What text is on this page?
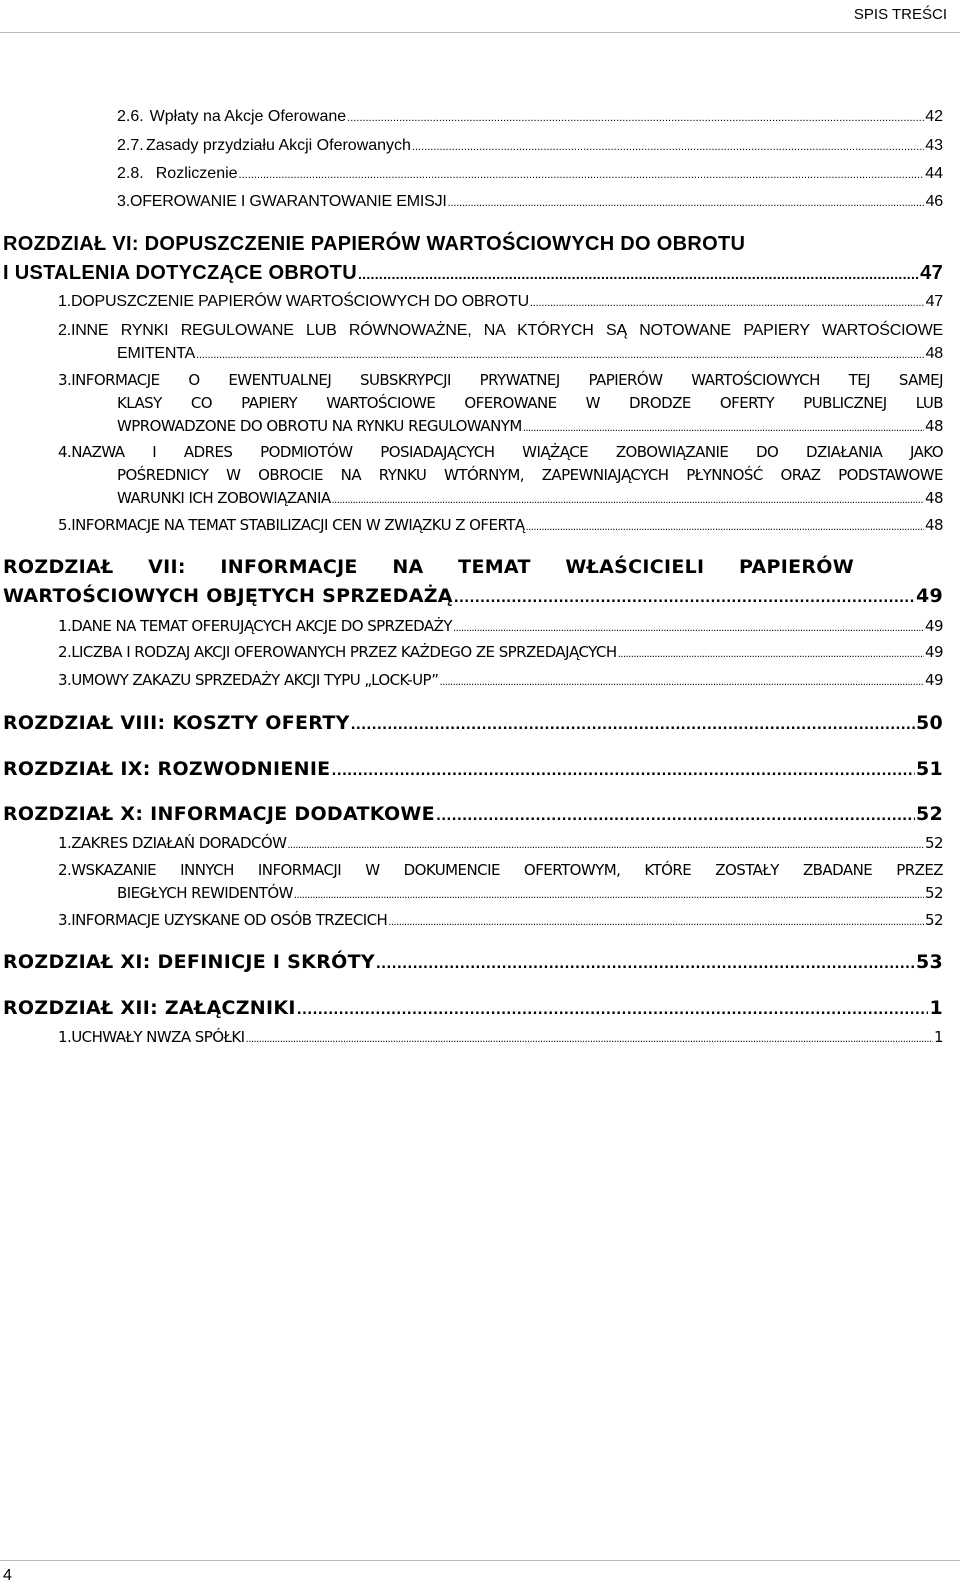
SPIS TREŚCI
2.6. Wpłaty na Akcje Oferowane .....	42
2.7. Zasady przydziału Akcji Oferowanych .....	43
2.8. Rozliczenie .....	44
3.OFEROWANIE I GWARANTOWANIE EMISJI .....	46
ROZDZIAŁ VI: DOPUSZCZENIE PAPIERÓW WARTOŚCIOWYCH DO OBROTU
I USTALENIA DOTYCZĄCE OBROTU .....	47
1.DOPUSZCZENIE PAPIERÓW WARTOŚCIOWYCH DO OBROTU .....	47
2.INNE RYNKI REGULOWANE LUB RÓWNOWAŻNE, NA KTÓRYCH SĄ NOTOWANE PAPIERY WARTOŚCIOWE
EMITENTA .....	48
3.INFORMACJE O EWENTUALNEJ SUBSKRYPCJI PRYWATNEJ PAPIERÓW WARTOŚCIOWYCH TEJ SAMEJ
KLASY CO PAPIERY WARTOŚCIOWE OFEROWANE W DRODZE OFERTY PUBLICZNEJ LUB
WPROWADZONE DO OBROTU NA RYNKU REGULOWANYM .....	48
4.NAZWA I ADRES PODMIOTÓW POSIADAJĄCYCH WIĄŻĄCE ZOBOWIĄZANIE DO DZIAŁANIA JAKO
POŚREDNICY W OBROCIE NA RYNKU WTÓRNYM, ZAPEWNIAJĄCYCH PŁYNNOŚĆ ORAZ PODSTAWOWE
WARUNKI ICH ZOBOWIĄZANIA .....	48
5.INFORMACJE NA TEMAT STABILIZACJI CEN W ZWIĄZKU Z OFERTĄ .....	48
ROZDZIAŁ VII: INFORMACJE NA TEMAT WŁAŚCICIELI PAPIERÓW
WARTOŚCIOWYCH OBJĘTYCH SPRZEDAŻĄ .....	49
1.DANE NA TEMAT OFERUJĄCYCH AKCJE DO SPRZEDAŻY .....	49
2.LICZBA I RODZAJ AKCJI OFEROWANYCH PRZEZ KAŻDEGO ZE SPRZEDAJĄCYCH .....	49
3.UMOWY ZAKAZU SPRZEDAŻY AKCJI TYPU „LOCK-UP” .....	49
ROZDZIAŁ VIII: KOSZTY OFERTY .....	50
ROZDZIAŁ IX: ROZWODNIENIE .....	51
ROZDZIAŁ X: INFORMACJE DODATKOWE .....	52
1.ZAKRES DZIAŁAŃ DORADCÓW .....	52
2.WSKAZANIE INNYCH INFORMACJI W DOKUMENCIE OFERTOWYM, KTÓRE ZOSTAŁY ZBADANE PRZEZ
BIEGŁYCH REWIDENTÓW .....	52
3.INFORMACJE UZYSKANE OD OSÓB TRZECICH .....	52
ROZDZIAŁ XI: DEFINICJE I SKRÓTY .....	53
ROZDZIAŁ XII: ZAŁĄCZNIKI .....	1
1.UCHWAŁY NWZA SPÓŁKI .....	1
4
